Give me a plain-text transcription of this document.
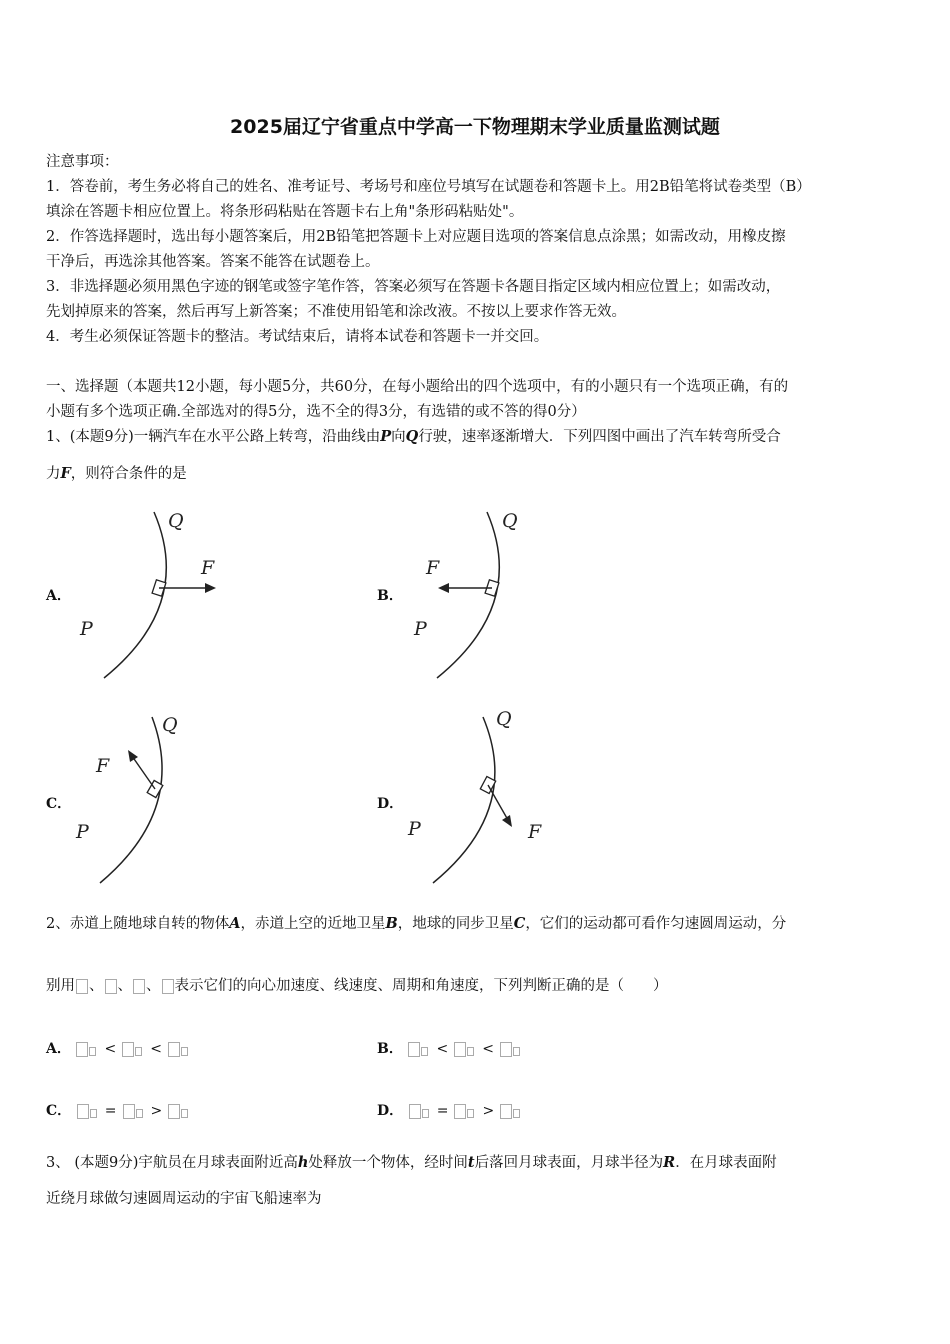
2025届辽宁省重点中学高一下物理期末学业质量监测试题
注意事项：
1．答卷前，考生务必将自己的姓名、准考证号、考场号和座位号填写在试题卷和答题卡上。用2B铅笔将试卷类型（B）
填涂在答题卡相应位置上。将条形码粘贴在答题卡右上角"条形码粘贴处"。
2．作答选择题时，选出每小题答案后，用2B铅笔把答题卡上对应题目选项的答案信息点涂黑；如需改动，用橡皮擦
干净后，再选涂其他答案。答案不能答在试题卷上。
3．非选择题必须用黑色字迹的钢笔或签字笔作答，答案必须写在答题卡各题目指定区域内相应位置上；如需改动，
先划掉原来的答案，然后再写上新答案；不准使用铅笔和涂改液。不按以上要求作答无效。
4．考生必须保证答题卡的整洁。考试结束后，请将本试卷和答题卡一并交回。
一、选择题（本题共12小题，每小题5分，共60分，在每小题给出的四个选项中，有的小题只有一个选项正确，有的
小题有多个选项正确.全部选对的得5分，选不全的得3分，有选错的或不答的得0分）
1、(本题9分)一辆汽车在水平公路上转弯，沿曲线由P向Q行驶，速率逐渐增大．下列四图中画出了汽车转弯所受合
力F，则符合条件的是
A．
Q
F
P
B．
Q
F
P
C．
Q
F
P
D．
Q
F
P
2、赤道上随地球自转的物体A，赤道上空的近地卫星B，地球的同步卫星C，它们的运动都可看作匀速圆周运动，分
别用 、 、 、 表示它们的向心加速度、线速度、周期和角速度，下列判断正确的是（　　）
A． < <	B． < <
C． = >	D． = >
3、 (本题9分)宇航员在月球表面附近高h处释放一个物体，经时间t后落回月球表面，月球半径为R．在月球表面附
近绕月球做匀速圆周运动的宇宙飞船速率为
